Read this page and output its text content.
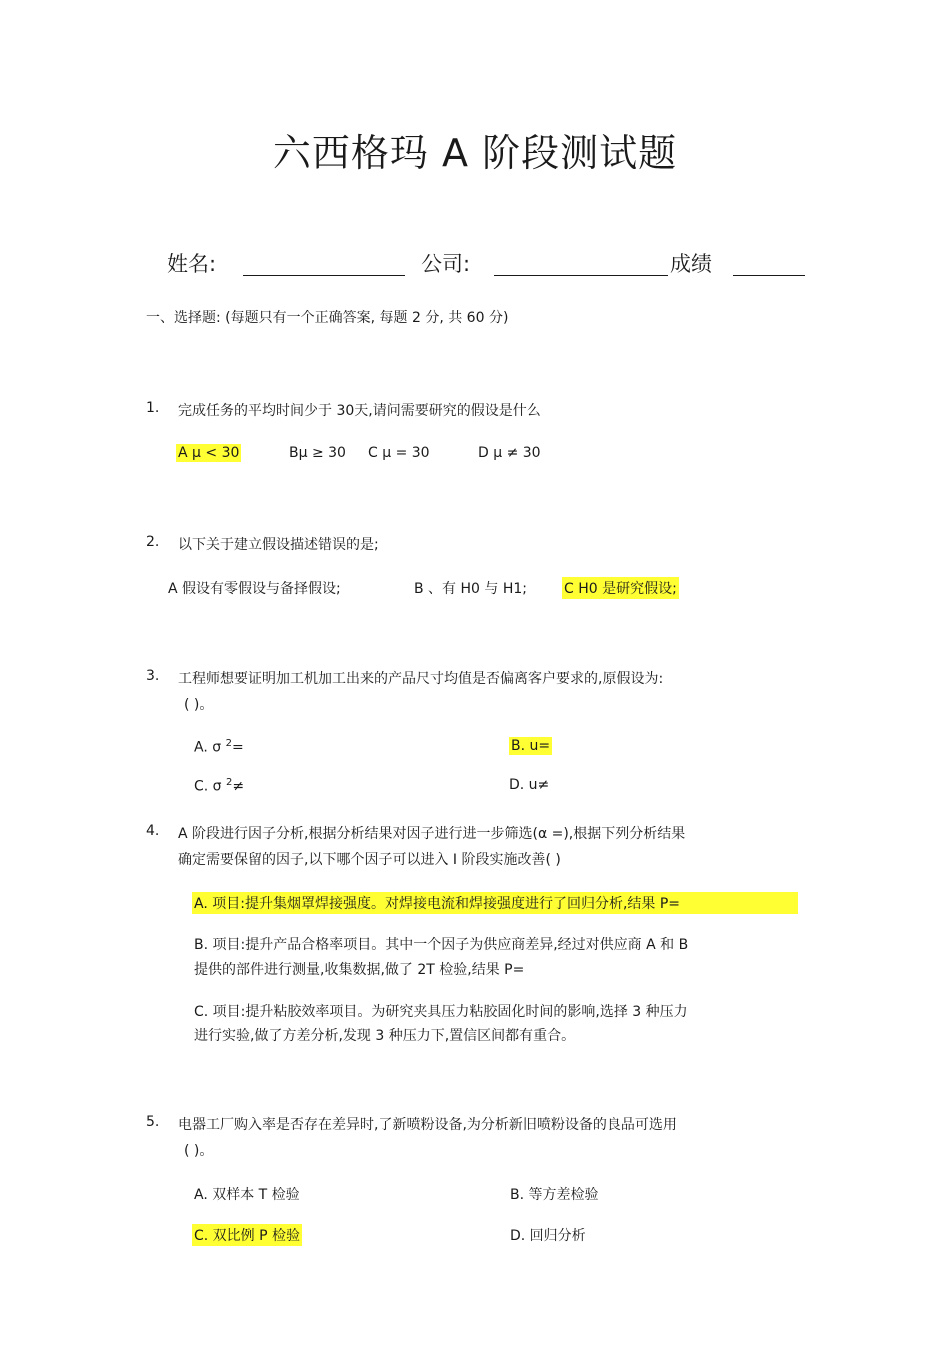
六西格玛 A 阶段测试题
姓名:	公司:	成绩
一、选择题: (每题只有一个正确答案, 每题 2 分, 共 60 分)
1. 完成任务的平均时间少于 30天,请问需要研究的假设是什么
A μ < 30	Bμ ≥ 30 C μ = 30	D μ ≠ 30
2. 以下关于建立假设描述错误的是;
A 假设有零假设与备择假设;	B 、有 H0 与 H1;	C H0 是研究假设;
3. 工程师想要证明加工机加工出来的产品尺寸均值是否偏离客户要求的,原假设为:
( )。
A. σ $^2$=	B. u=
C. σ $^2$≠	D. u≠
4. A 阶段进行因子分析,根据分析结果对因子进行进一步筛选(α =),根据下列分析结果
确定需要保留的因子,以下哪个因子可以进入 I 阶段实施改善( )
A. 项目:提升集烟罩焊接强度。对焊接电流和焊接强度进行了回归分析,结果 P=
B. 项目:提升产品合格率项目。其中一个因子为供应商差异,经过对供应商 A 和 B
提供的部件进行测量,收集数据,做了 2T 检验,结果 P=
C. 项目:提升粘胶效率项目。为研究夹具压力粘胶固化时间的影响,选择 3 种压力
进行实验,做了方差分析,发现 3 种压力下,置信区间都有重合。
5. 电器工厂购入率是否存在差异时,了新喷粉设备,为分析新旧喷粉设备的良品可选用
( )。
A. 双样本 T 检验	B. 等方差检验
C. 双比例 P 检验	D. 回归分析
